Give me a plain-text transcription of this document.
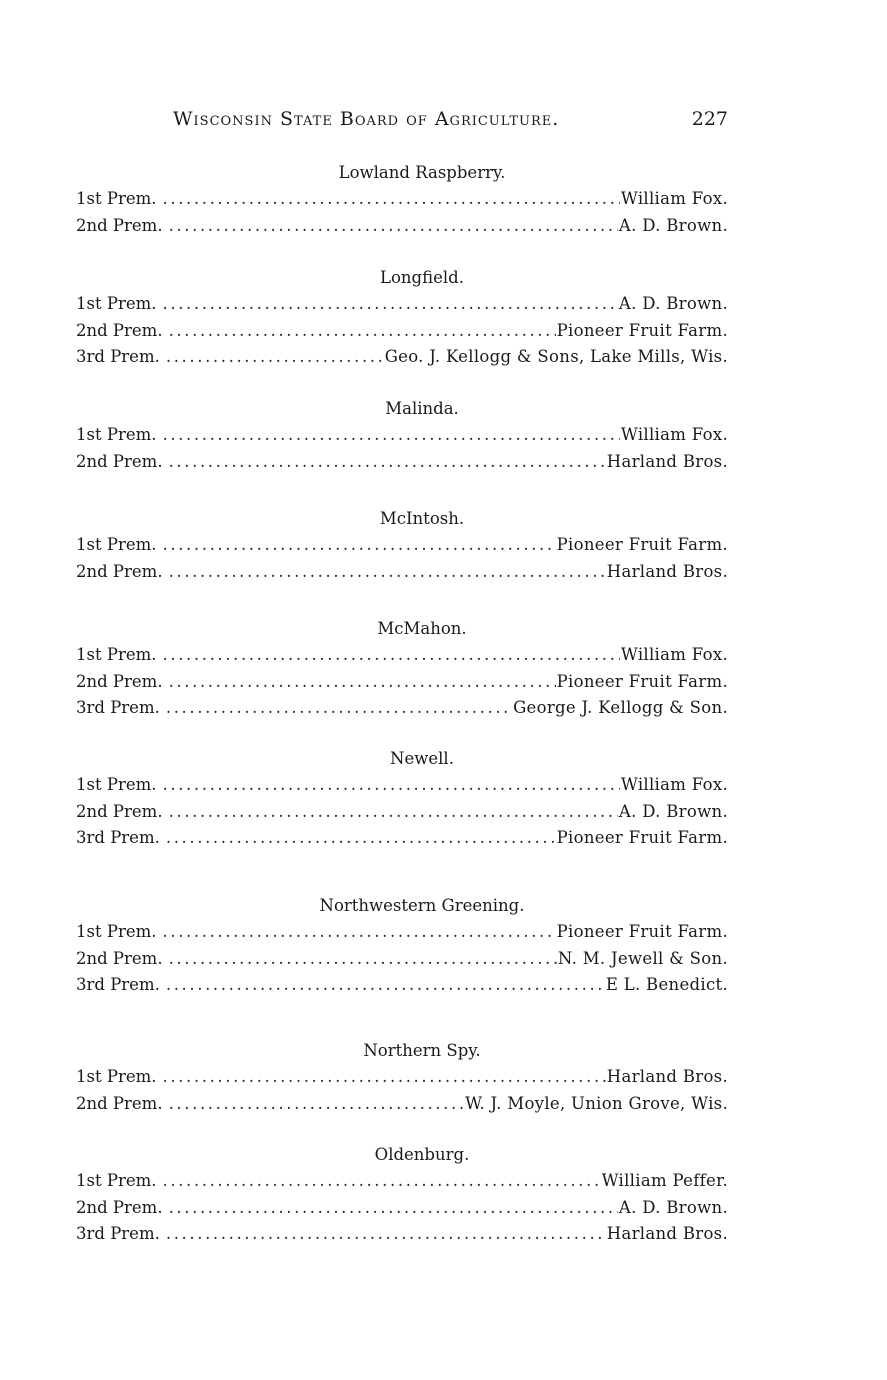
Wisconsin State Board of Agriculture.	227
Lowland Raspberry.
1st Prem. .....	William Fox.
2nd Prem. .....	A. D. Brown.
Longfield.
1st Prem. .....	A. D. Brown.
2nd Prem. .....	Pioneer Fruit Farm.
3rd Prem. .....	Geo. J. Kellogg & Sons, Lake Mills, Wis.
Malinda.
1st Prem. .....	William Fox.
2nd Prem. .....	Harland Bros.
McIntosh.
1st Prem. .....	Pioneer Fruit Farm.
2nd Prem. .....	Harland Bros.
McMahon.
1st Prem. .....	William Fox.
2nd Prem. .....	Pioneer Fruit Farm.
3rd Prem. .....	George J. Kellogg & Son.
Newell.
1st Prem. .....	William Fox.
2nd Prem. .....	A. D. Brown.
3rd Prem. .....	Pioneer Fruit Farm.
Northwestern Greening.
1st Prem. .....	Pioneer Fruit Farm.
2nd Prem. .....	N. M. Jewell & Son.
3rd Prem. .....	E L. Benedict.
Northern Spy.
1st Prem. .....	Harland Bros.
2nd Prem. .....	W. J. Moyle, Union Grove, Wis.
Oldenburg.
1st Prem. .....	William Peffer.
2nd Prem. .....	A. D. Brown.
3rd Prem. .....	Harland Bros.
